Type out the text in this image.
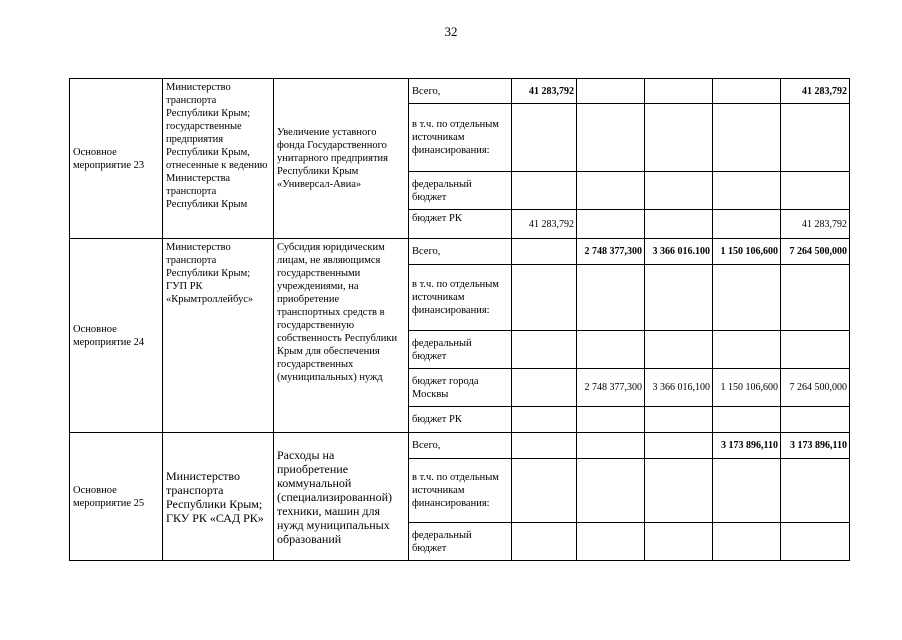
32
Основное мероприятие 23	Министерство транспорта Республики Крым; государственные предприятия Республики Крым, отнесенные к ведению Министерства транспорта Республики Крым	Увеличение уставного фонда Государственного унитарного предприятия Республики Крым «Универсал-Авиа»	Всего,	41 283,792				41 283,792
			в т.ч. по отдельным источникам финансирования:					
			федеральный бюджет					
			бюджет РК	41 283,792				41 283,792
Основное мероприятие 24	Министерство транспорта Республики Крым; ГУП РК «Крымтроллейбус»	Субсидия юридическим лицам, не являющимся государственными учреждениями, на приобретение транспортных средств в государственную собственность Республики Крым для обеспечения государственных (муниципальных) нужд	Всего,		2 748 377,300	3 366 016.100	1 150 106,600	7 264 500,000
			в т.ч. по отдельным источникам финансирования:					
			федеральный бюджет					
			бюджет города Москвы		2 748 377,300	3 366 016,100	1 150 106,600	7 264 500,000
			бюджет РК					
Основное мероприятие 25	Министерство транспорта Республики Крым; ГКУ РК «САД РК»	Расходы на приобретение коммунальной (специализированной) техники, машин для нужд муниципальных образований	Всего,				3 173 896,110	3 173 896,110
			в т.ч. по отдельным источникам финансирования:					
			федеральный бюджет					
